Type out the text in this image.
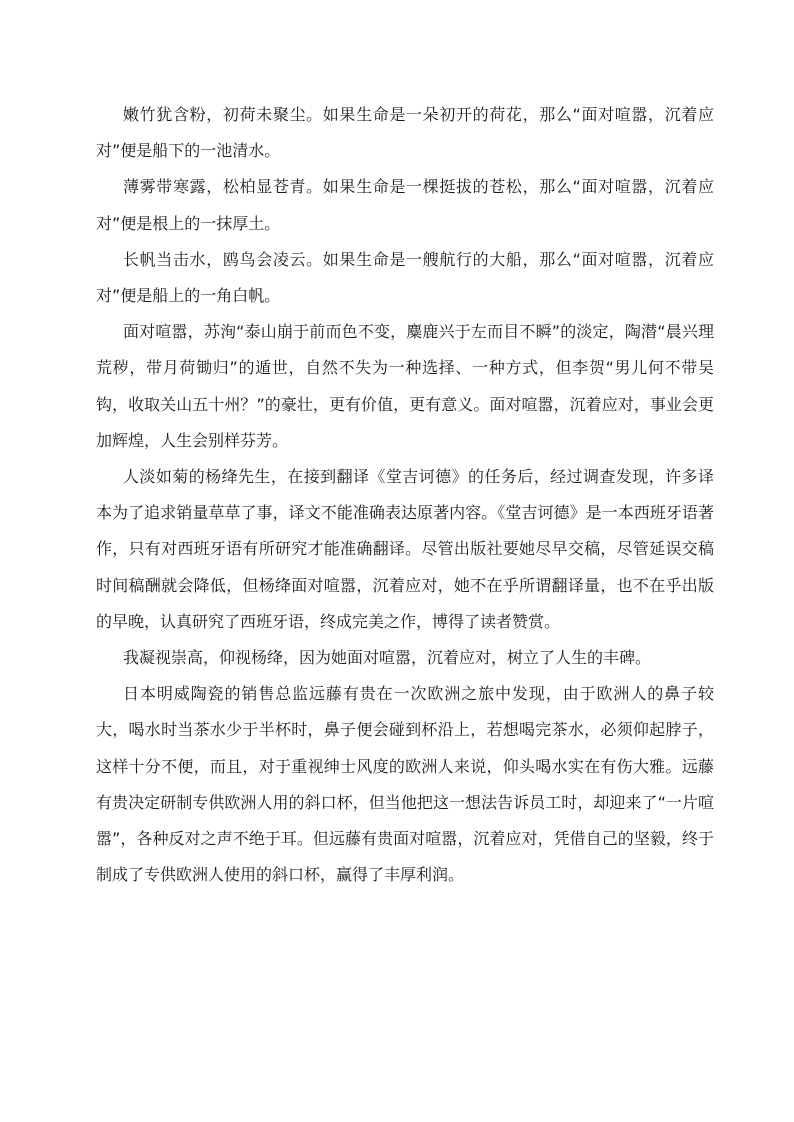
嫩竹犹含粉，初荷未聚尘。如果生命是一朵初开的荷花，那么“面对喧嚣，沉着应对”便是船下的一池清水。

薄雾带寒露，松柏显苍青。如果生命是一棵挺拔的苍松，那么“面对喧嚣，沉着应对”便是根上的一抹厚土。

长帆当击水，鸥鸟会凌云。如果生命是一艘航行的大船，那么“面对喧嚣，沉着应对”便是船上的一角白帆。

面对喧嚣，苏洵“泰山崩于前而色不变，麋鹿兴于左而目不瞬”的淡定，陶潜“晨兴理荒秽，带月荷锄归”的遁世，自然不失为一种选择、一种方式，但李贺“男儿何不带吴钩，收取关山五十州？”的豪壮，更有价值，更有意义。面对喧嚣，沉着应对，事业会更加辉煌，人生会别样芬芳。

人淡如菊的杨绛先生，在接到翻译《堂吉诃德》的任务后，经过调查发现，许多译本为了追求销量草草了事，译文不能准确表达原著内容。《堂吉诃德》是一本西班牙语著作，只有对西班牙语有所研究才能准确翻译。尽管出版社要她尽早交稿，尽管延误交稿时间稿酬就会降低，但杨绛面对喧嚣，沉着应对，她不在乎所谓翻译量，也不在乎出版的早晚，认真研究了西班牙语，终成完美之作，博得了读者赞赏。

我凝视崇高，仰视杨绛，因为她面对喧嚣，沉着应对，树立了人生的丰碑。

日本明威陶瓷的销售总监远藤有贵在一次欧洲之旅中发现，由于欧洲人的鼻子较大，喝水时当茶水少于半杯时，鼻子便会碰到杯沿上，若想喝完茶水，必须仰起脖子，这样十分不便，而且，对于重视绅士风度的欧洲人来说，仰头喝水实在有伤大雅。远藤有贵决定研制专供欧洲人用的斜口杯，但当他把这一想法告诉员工时，却迎来了“一片喧嚣”，各种反对之声不绝于耳。但远藤有贵面对喧嚣，沉着应对，凭借自己的坚毅，终于制成了专供欧洲人使用的斜口杯，赢得了丰厚利润。
